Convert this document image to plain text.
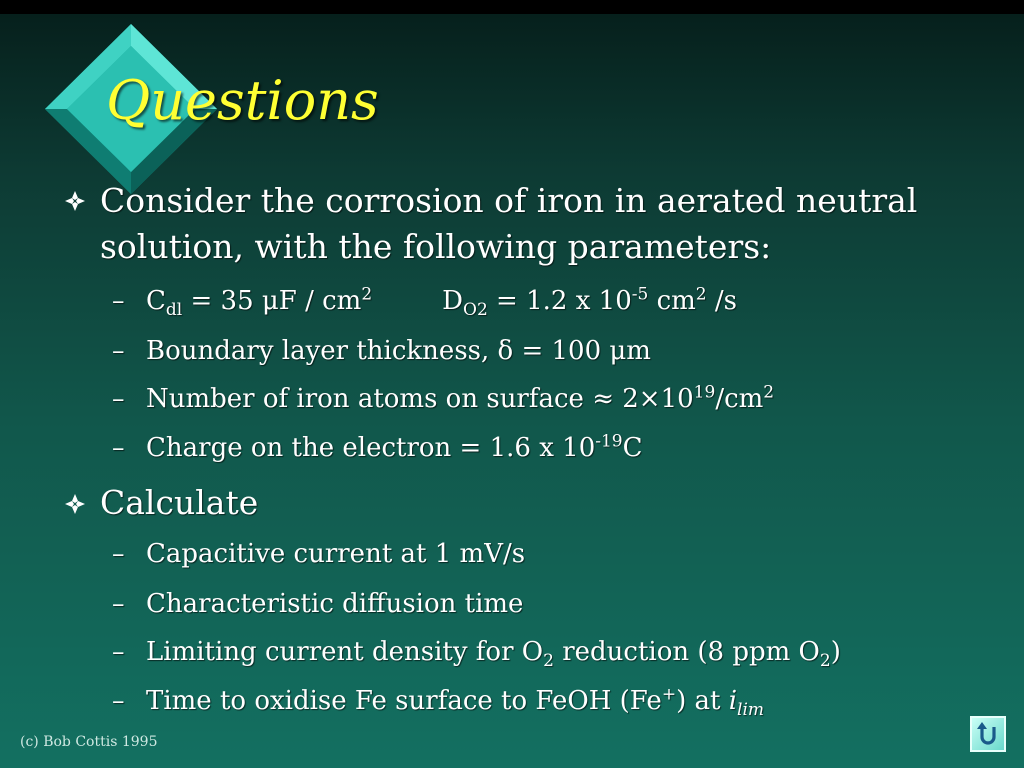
Questions
Consider the corrosion of iron in aerated neutral solution, with the following parameters:
– $C_{dl} = 35$ μF / $cm^2$	$D_{O2} = 1.2$ x $10^{-5}$ $cm^2$ /s
– Boundary layer thickness, δ = 100 μm
– Number of iron atoms on surface ≈ $2\times 10^{19}/cm^2$
– Charge on the electron = 1.6 x $10^{-19}C$
Calculate
– Capacitive current at 1 mV/s
– Characteristic diffusion time
– Limiting current density for $O_2$ reduction (8 ppm $O_2$)
– Time to oxidise Fe surface to FeOH (Fe+) at $i_{lim}$
(c) Bob Cottis 1995
